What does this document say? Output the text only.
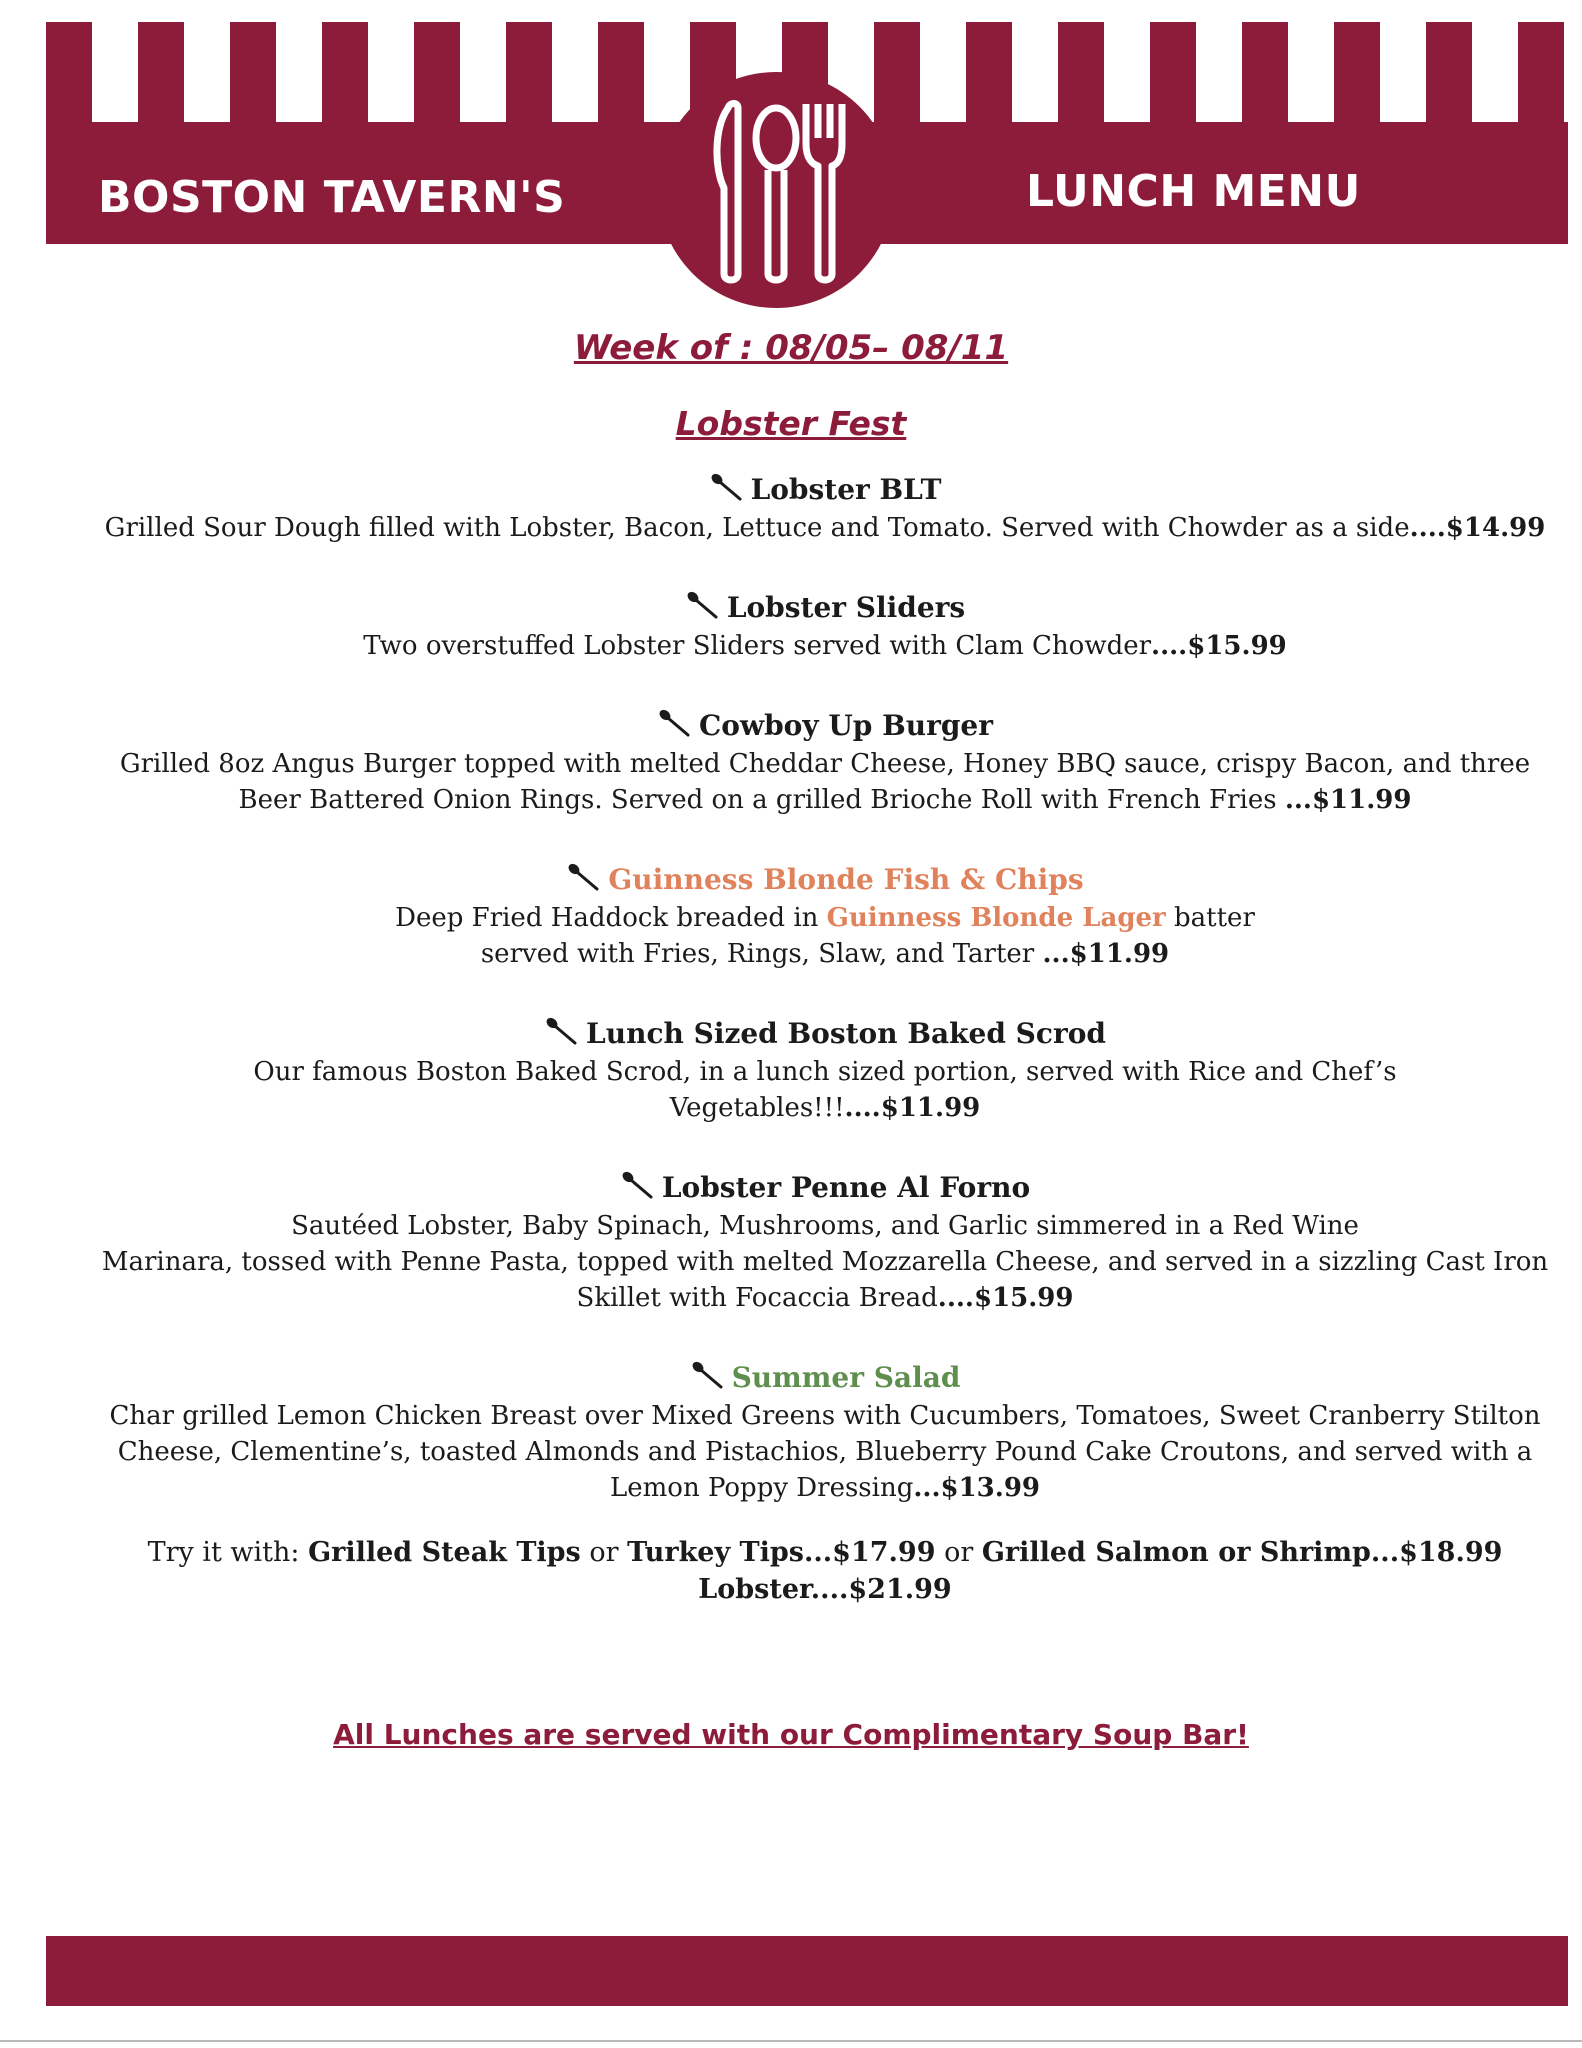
BOSTON TAVERN'S	LUNCH MENU
Week of : 08/05– 08/11
Lobster Fest
Lobster BLT
Grilled Sour Dough filled with Lobster, Bacon, Lettuce and Tomato. Served with Chowder as a side....$14.99
Lobster Sliders
Two overstuffed Lobster Sliders served with Clam Chowder....$15.99
Cowboy Up Burger
Grilled 8oz Angus Burger topped with melted Cheddar Cheese, Honey BBQ sauce, crispy Bacon, and three Beer Battered Onion Rings. Served on a grilled Brioche Roll with French Fries ...$11.99
Guinness Blonde Fish & Chips
Deep Fried Haddock breaded in Guinness Blonde Lager batter
served with Fries, Rings, Slaw, and Tarter ...$11.99
Lunch Sized Boston Baked Scrod
Our famous Boston Baked Scrod, in a lunch sized portion, served with Rice and Chef’s Vegetables!!!....$11.99
Lobster Penne Al Forno
Sautéed Lobster, Baby Spinach, Mushrooms, and Garlic simmered in a Red Wine
Marinara, tossed with Penne Pasta, topped with melted Mozzarella Cheese, and served in a sizzling Cast Iron Skillet with Focaccia Bread....$15.99
Summer Salad
Char grilled Lemon Chicken Breast over Mixed Greens with Cucumbers, Tomatoes, Sweet Cranberry Stilton Cheese, Clementine’s, toasted Almonds and Pistachios, Blueberry Pound Cake Croutons, and served with a Lemon Poppy Dressing...$13.99
Try it with: Grilled Steak Tips or Turkey Tips...$17.99 or Grilled Salmon or Shrimp...$18.99
Lobster....$21.99
All Lunches are served with our Complimentary Soup Bar!
